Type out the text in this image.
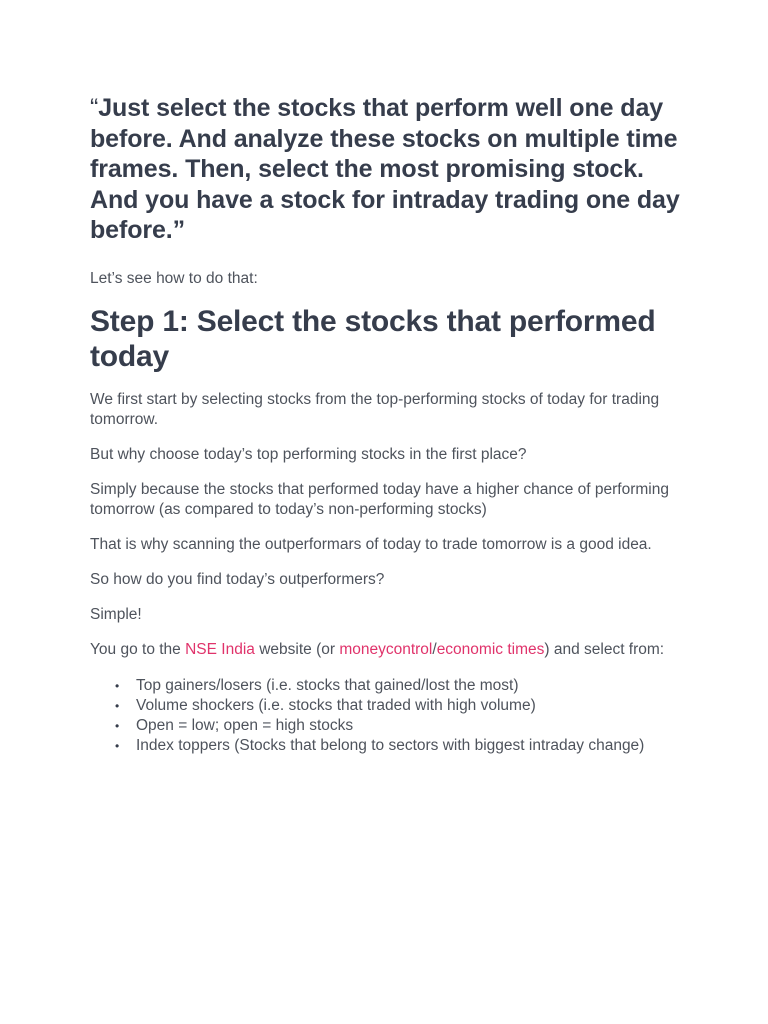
“Just select the stocks that perform well one day before. And analyze these stocks on multiple time frames. Then, select the most promising stock. And you have a stock for intraday trading one day before.”

Let’s see how to do that:

Step 1: Select the stocks that performed today

We first start by selecting stocks from the top-performing stocks of today for trading tomorrow.

But why choose today’s top performing stocks in the first place?

Simply because the stocks that performed today have a higher chance of performing tomorrow (as compared to today’s non-performing stocks)

That is why scanning the outperformars of today to trade tomorrow is a good idea.

So how do you find today’s outperformers?

Simple!

You go to the NSE India website (or moneycontrol/economic times) and select from:

• Top gainers/losers (i.e. stocks that gained/lost the most)
• Volume shockers (i.e. stocks that traded with high volume)
• Open = low; open = high stocks
• Index toppers (Stocks that belong to sectors with biggest intraday change)
